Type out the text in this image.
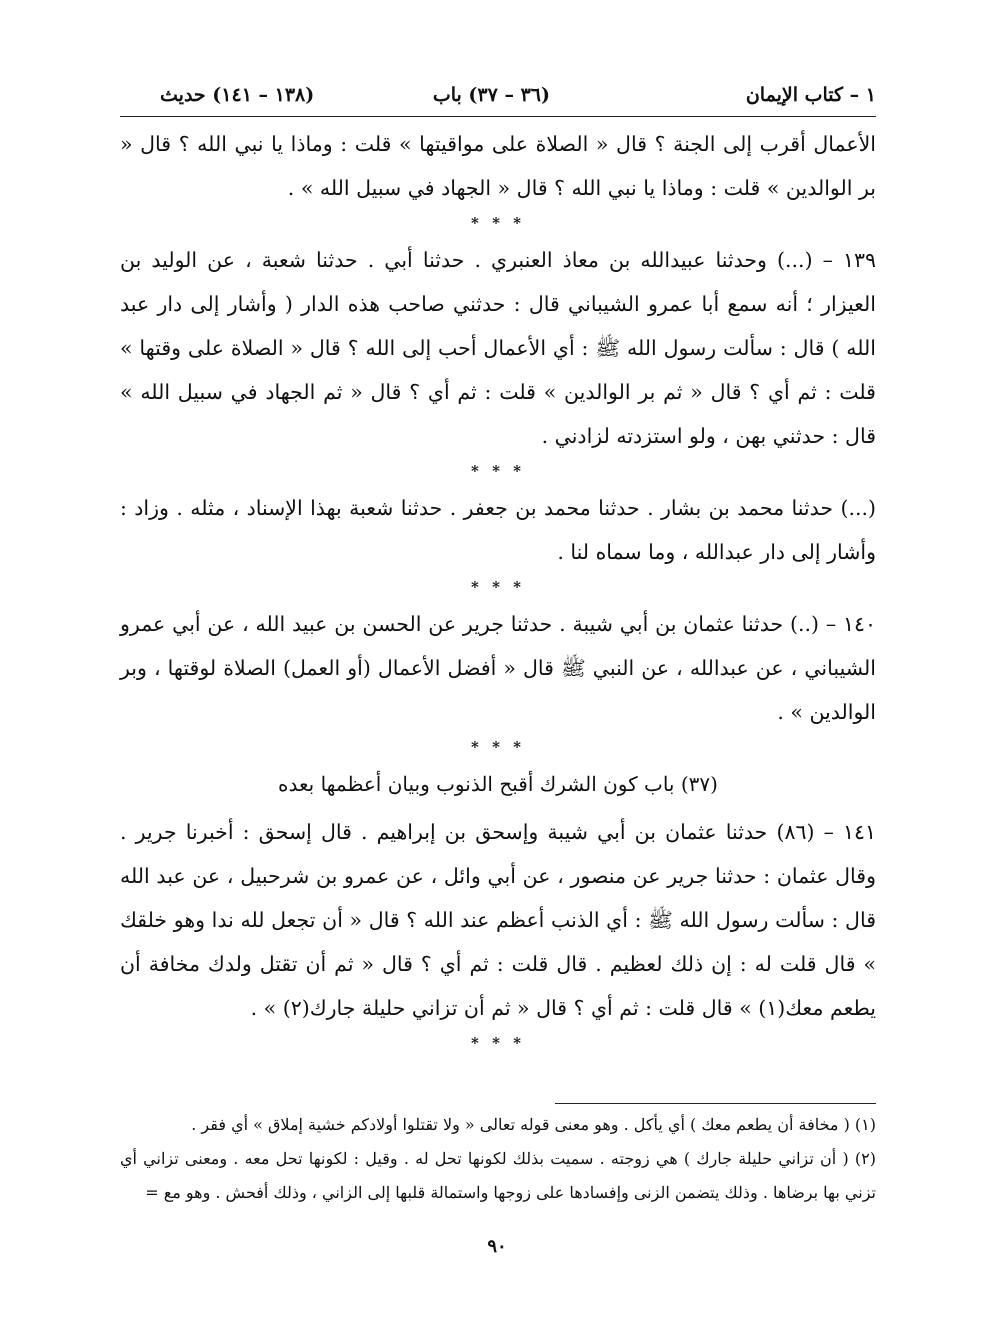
١ – كتاب الإيمان
(٣٦ – ٣٧) باب
(١٣٨ – ١٤١) حديث

الأعمال أقرب إلى الجنة ؟ قال « الصلاة على مواقيتها » قلت : وماذا يا نبي الله ؟ قال « بر الوالدين » قلت : وماذا يا نبي الله ؟ قال « الجهاد في سبيل الله » .

* * *

١٣٩ – (...) وحدثنا عبيدالله بن معاذ العنبري . حدثنا أبي . حدثنا شعبة ، عن الوليد بن العيزار ؛ أنه سمع أبا عمرو الشيباني قال : حدثني صاحب هذه الدار ( وأشار إلى دار عبد الله ) قال : سألت رسول الله ﷺ : أي الأعمال أحب إلى الله ؟ قال « الصلاة على وقتها » قلت : ثم أي ؟ قال « ثم بر الوالدين » قلت : ثم أي ؟ قال « ثم الجهاد في سبيل الله » قال : حدثني بهن ، ولو استزدته لزادني .

* * *

(...) حدثنا محمد بن بشار . حدثنا محمد بن جعفر . حدثنا شعبة بهذا الإسناد ، مثله . وزاد : وأشار إلى دار عبدالله ، وما سماه لنا .

* * *

١٤٠ – (..) حدثنا عثمان بن أبي شيبة . حدثنا جرير عن الحسن بن عبيد الله ، عن أبي عمرو الشيباني ، عن عبدالله ، عن النبي ﷺ قال « أفضل الأعمال (أو العمل) الصلاة لوقتها ، وبر الوالدين » .

* * *
(٣٧) باب كون الشرك أقبح الذنوب وبيان أعظمها بعده

١٤١ – (٨٦) حدثنا عثمان بن أبي شيبة وإسحق بن إبراهيم . قال إسحق : أخبرنا جرير . وقال عثمان : حدثنا جرير عن منصور ، عن أبي وائل ، عن عمرو بن شرحبيل ، عن عبد الله قال : سألت رسول الله ﷺ : أي الذنب أعظم عند الله ؟ قال « أن تجعل لله ندا وهو خلقك » قال قلت له : إن ذلك لعظيم . قال قلت : ثم أي ؟ قال « ثم أن تقتل ولدك مخافة أن يطعم معك(١) » قال قلت : ثم أي ؟ قال « ثم أن تزاني حليلة جارك(٢) » .

* * *

(١) ( مخافة أن يطعم معك ) أي يأكل . وهو معنى قوله تعالى « ولا تقتلوا أولادكم خشية إملاق » أي فقر .

(٢) ( أن تزاني حليلة جارك ) هي زوجته . سميت بذلك لكونها تحل له . وقيل : لكونها تحل معه . ومعنى تزاني أي تزني بها برضاها . وذلك يتضمن الزنى وإفسادها على زوجها واستمالة قلبها إلى الزاني ، وذلك أفحش . وهو مع =

٩٠
